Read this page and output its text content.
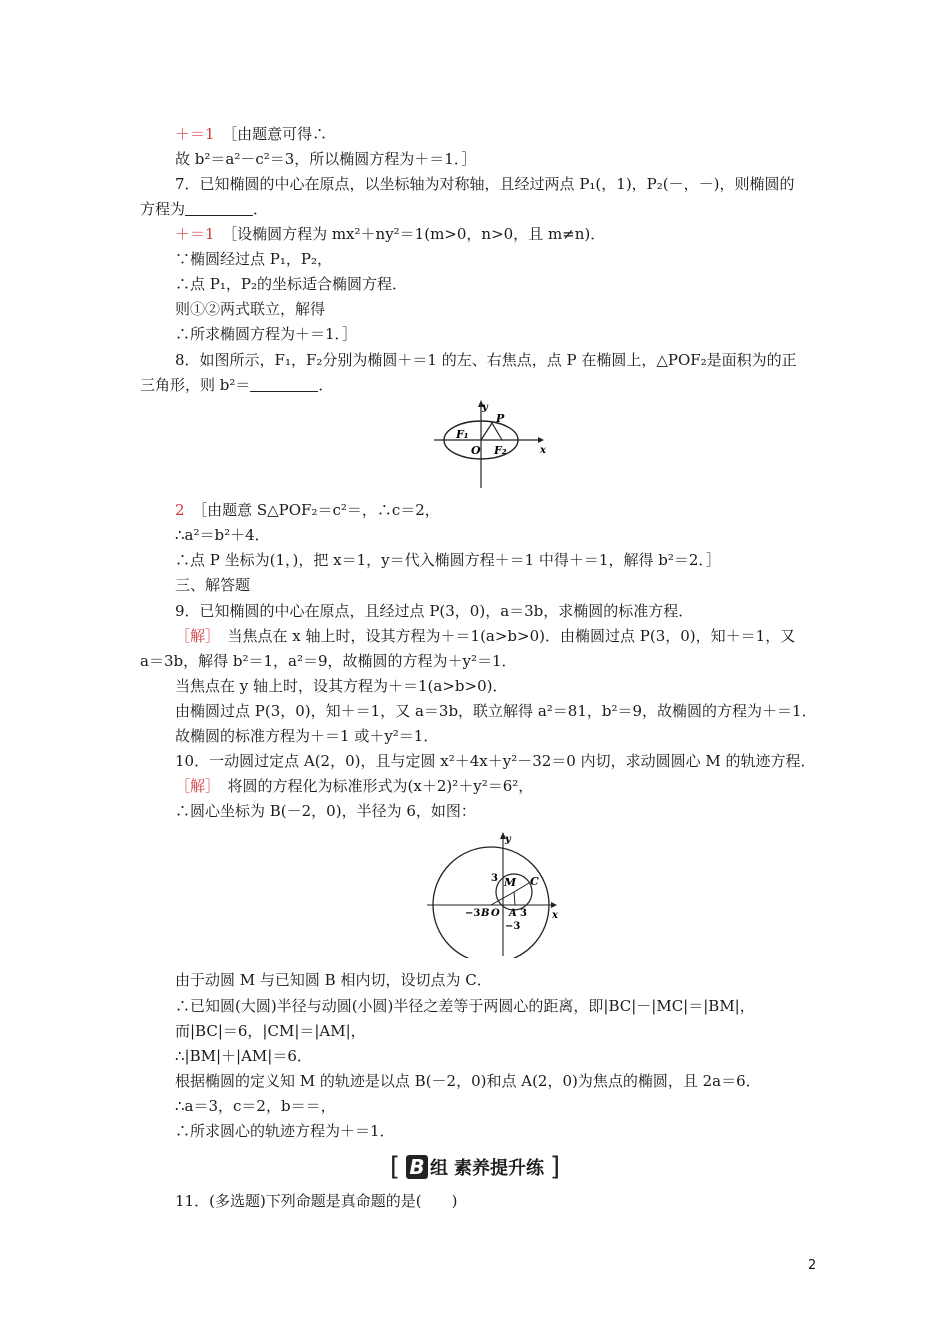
＋＝1　 ［由题意可得∴
故 b²＝a²－c²＝3，所以椭圆方程为＋＝1．］
7．已知椭圆的中心在原点，以坐标轴为对称轴，且经过两点 P₁(，1)，P₂(－，－)，则椭圆的
方程为	．
＋＝1　 ［设椭圆方程为 mx²＋ny²＝1(m>0，n>0，且 m≠n)．
∵椭圆经过点 P₁，P₂，
∴点 P₁，P₂的坐标适合椭圆方程．
则①②两式联立，解得
∴所求椭圆方程为＋＝1．］
8．如图所示，F₁，F₂分别为椭圆＋＝1 的左、右焦点，点 P 在椭圆上，△POF₂是面积为的正
三角形，则 b²＝	．
y
x
P
F₁
O F₂
2　 ［由题意 S△POF₂＝c²＝，∴c＝2，
∴a²＝b²＋4．
∴点 P 坐标为(1，)，把 x＝1，y＝代入椭圆方程＋＝1 中得＋＝1，解得 b²＝2．］
三、解答题
9．已知椭圆的中心在原点，且经过点 P(3，0)，a＝3b，求椭圆的标准方程．
［解］　 当焦点在 x 轴上时，设其方程为＋＝1(a>b>0)．由椭圆过点 P(3，0)，知＋＝1，又
a＝3b，解得 b²＝1，a²＝9，故椭圆的方程为＋y²＝1．
当焦点在 y 轴上时，设其方程为＋＝1(a>b>0)．
由椭圆过点 P(3，0)，知＋＝1，又 a＝3b，联立解得 a²＝81，b²＝9，故椭圆的方程为＋＝1．
故椭圆的标准方程为＋＝1 或＋y²＝1．
10．一动圆过定点 A(2，0)，且与定圆 x²＋4x＋y²－32＝0 内切，求动圆圆心 M 的轨迹方程．
［解］　 将圆的方程化为标准形式为(x＋2)²＋y²＝6²，
∴圆心坐标为 B(－2，0)，半径为 6，如图：
y
x
M C
3
−3 B O A 3
−3
由于动圆 M 与已知圆 B 相内切，设切点为 C．
∴已知圆(大圆)半径与动圆(小圆)半径之差等于两圆心的距离，即|BC|－|MC|＝|BM|，
而|BC|＝6，|CM|＝|AM|，
∴|BM|＋|AM|＝6．
根据椭圆的定义知 M 的轨迹是以点 B(－2，0)和点 A(2，0)为焦点的椭圆，且 2a＝6．
∴a＝3，c＝2，b＝＝，
∴所求圆心的轨迹方程为＋＝1．
[ B 组 素养提升练 ]
11．(多选题)下列命题是真命题的是(　　)
2
